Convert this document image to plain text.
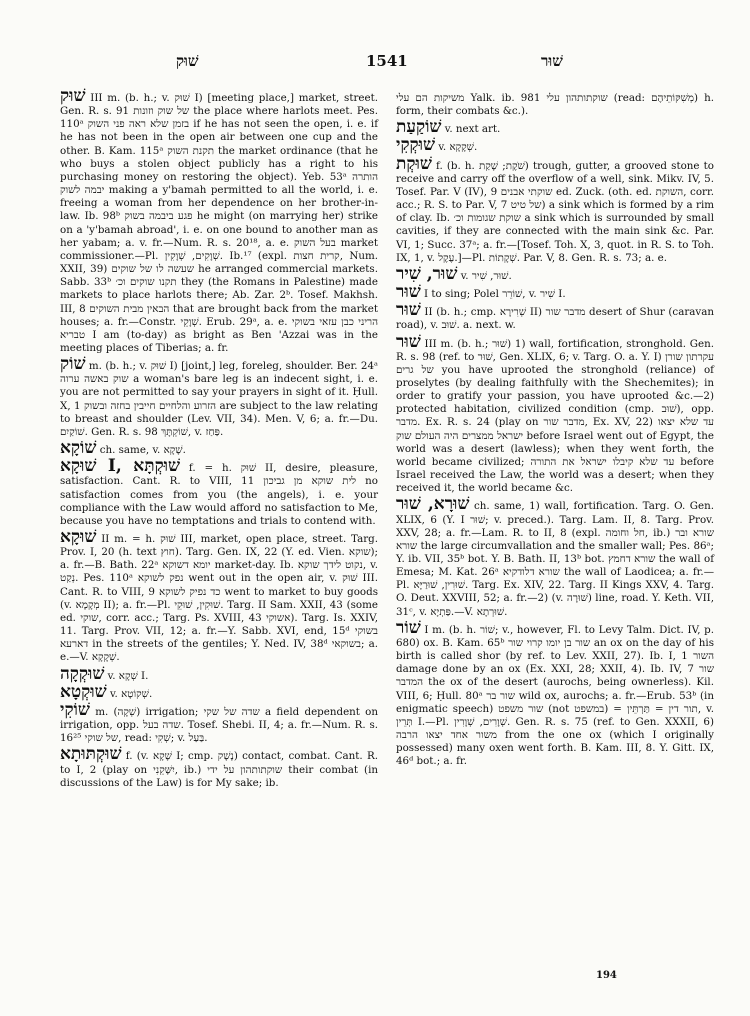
שׁוּק	1541	שׁוּר

שׁוּק III m. (b. h.; v. שׁוּק I) [meeting place,] market, street. Gen. R. s. 91 של שוק וזונות the place where harlots meet. Pes. 110ᵃ בזמן שלא ראה פני השוק if he has not seen the open, i. e. if he has not been in the open air between one cup and the other. B. Kam. 115ᵃ תקנת השוק the market ordinance (that he who buys a stolen object publicly has a right to his purchasing money on restoring the object). Yeb. 53ᵃ הותרה יבמה לשוק making a y'bamah permitted to all the world, i. e. freeing a woman from her dependence on her brother-in-law. Ib. 98ᵇ פגע ביבמה בשוק he might (on marrying her) strike on a 'y'bamah abroad', i. e. on one bound to another man as her yabam; a. v. fr.—Num. R. s. 20¹⁸, a. e. בעל השוק market commissioner.—Pl. שְׁוָקִים, שְׁוָקִין. Ib.¹⁷ (expl. קרית חצות, Num. XXII, 39) שעשה לו של שוקים he arranged commercial markets. Sabb. 33ᵇ תקנו שוקים וכ׳ they (the Romans in Palestine) made markets to place harlots there; Ab. Zar. 2ᵇ. Tosef. Makhsh. III, 8 הבאין מבית השוקים that are brought back from the market houses; a. fr.—Constr. שְׁוָקֵי. Erub. 29ᵃ, a. e. הריני כבן עזאי בשוקי טבריא I am (to-day) as bright as Ben 'Azzai was in the meeting places of Tiberias; a. fr.

שׁוֹק m. (b. h.; v. שׁוּק I) [joint,] leg, foreleg, shoulder. Ber. 24ᵃ שוק באשה ערוה a woman's bare leg is an indecent sight, i. e. you are not permitted to say your prayers in sight of it. Ḥull. X, 1 הזרוע והלחיים חייבין בחזה ובשוק are subject to the law relating to breast and shoulder (Lev. VII, 34). Men. V, 6; a. fr.—Du. שׁוֹקַיִם. Gen. R. s. 98 שׁוֹקְתָּךְ, v. פַּחַז.

שׁוֹקָא ch. same, v. שָׁקָא.

שׁוּקָא I, שׁוּקְתָּא f. = h. שׁוּק II, desire, pleasure, satisfaction. Cant. R. to VIII, 11 לית שוקא מן גביכון no satisfaction comes from you (the angels), i. e. your compliance with the Law would afford no satisfaction to Me, because you have no temptations and trials to contend with.

שׁוּקָא II m. = h. שׁוּק III, market, open place, street. Targ. Prov. I, 20 (h. text חוץ). Targ. Gen. IX, 22 (Y. ed. Vien. שוקא); a. fr.—B. Bath. 22ᵃ יומא דשוקא market-day. Ib. נקוט לידך שוקא, v. נְקַט. Pes. 110ᵃ נפק לשוקא went out in the open air, v. שׁוּק III. Cant. R. to VIII, 9 כד נפיק לשוקא went to market to buy goods (v. מְקָמָא II); a. fr.—Pl. שׁוּקִין, שׁוּקֵי. Targ. II Sam. XXII, 43 (some ed. שוקי, corr. acc.; Targ. Ps. XVIII, 43 אשוקי). Targ. Is. XXIV, 11. Targ. Prov. VII, 12; a. fr.—Y. Sabb. XVI, end, 15ᵈ בשוקי דארעא in the streets of the gentiles; Y. Ned. IV, 38ᵈ בשוקאי; a. e.—V. שְׁקָקָא.

שׁוּקְקָה v. שְׁקָא I.

שׁוּקְטָא v. שְׁקוֹטָא.

שׁוֹקִי m. (שְׁקָה) irrigation; שדה של שקי a field dependent on irrigation, opp. שדה בעל. Tosef. Shebi. II, 4; a. fr.—Num. R. s. 16²⁵ של שוקי, read: שְׁקִי; v. בַּעַל.

שׁוּקְתּוּתָא f. (v. שָׁקָא I; cmp. נָשָׁק) contact, combat. Cant. R. to I, 2 (play on יִשָּׁקֵנִי, ib.) שוקתותהון על ידי their combat (in discussions of the Law) is for My sake; ib.

משיקות הם עלי Yalk. ib. 981 שוקתותהון עלי (read: מְשִׁקּוֹתֵיהֶם) h. form, their combats &c.).

שׁוֹקַעַת v. next art.

שׁוּקְקִי v. שְׁקָקָא.

שׁוּקְת f. (b. h. שֹׁקֶת; שָׁקַת) trough, gutter, a grooved stone to receive and carry off the overflow of a well, sink. Mikv. IV, 5. Tosef. Par. V (IV), 9 שוקתי אבנים ed. Zuck. (oth. ed. השוקת, corr. acc.; R. S. to Par. V, 7 של טיט) a sink which is formed by a rim of clay. Ib. שוקת שגומות וכ׳ a sink which is surrounded by small cavities, if they are connected with the main sink &c. Par. VI, 1; Succ. 37ᵃ; a. fr.—[Tosef. Toh. X, 3, quot. in R. S. to Toh. IX, 1, v. עֶקֶל.]—Pl. שְׁקָתוֹת. Par. V, 8. Gen. R. s. 73; a. e.

שׁוּר, שִׁיר v. שׁוּר, שִׁיר.

שׁוּר I to sing; Polel שׁוֹרֵר, v. שִׁיר I.

שׁוּר II (b. h.; cmp. שְׁרִירָא II) מדבר שור desert of Shur (caravan road), v. שׁוּב. a. next. w.

שׁוּר III m. (b. h.; שׁוּר) 1) wall, fortification, stronghold. Gen. R. s. 98 (ref. to שׁוּר, Gen. XLIX, 6; v. Targ. O. a. Y. I) עקרתון שורן של גרים you have uprooted the stronghold (reliance) of proselytes (by dealing faithfully with the Shechemites); in order to gratify your passion, you have uprooted &c.—2) protected habitation, civilized condition (cmp. שׁוּב), opp. מדבר. Ex. R. s. 24 (play on מדבר שור, Ex. XV, 22) עד שלא יצאו ישראל ממצרים היה העולם שוק before Israel went out of Egypt, the world was a desert (lawless); when they went forth, the world became civilized; עד שלא קיבלו ישראל את התורה before Israel received the Law, the world was a desert; when they received it, the world became &c.

שׁוּרָא, שׁוּר ch. same, 1) wall, fortification. Targ. O. Gen. XLIX, 6 (Y. I שׁוּר; v. preced.). Targ. Lam. II, 8. Targ. Prov. XXV, 28; a. fr.—Lam. R. to II, 8 (expl. חל וחומה, ib.) שורא ובר שורא the large circumvallation and the smaller wall; Pes. 86ᵃ; Y. ib. VII, 35ᵇ bot. Y. B. Bath. II, 13ᵇ bot. שורא דחמץ the wall of Emesa; M. Kat. 26ᵃ שורא דלודקיא the wall of Laodicea; a. fr.—Pl. שׁוּרִין, שׁוּרַיָּא. Targ. Ex. XIV, 22. Targ. II Kings XXV, 4. Targ. O. Deut. XXVIII, 52; a. fr.—2) (v. שׁוּרָה) line, road. Y. Keth. VII, 31ᶜ, v. פַּתְיָא.—V. שׁוּרְתָא.

שׁוֹר I m. (b. h. שׁוֹר; v., however, Fl. to Levy Talm. Dict. IV, p. 680) ox. B. Kam. 65ᵇ שור בן יומו קרוי שור an ox on the day of his birth is called shor (by ref. to Lev. XXII, 27). Ib. I, 1 השור damage done by an ox (Ex. XXI, 28; XXII, 4). Ib. IV, 7 שור המדבר the ox of the desert (aurochs, being ownerless). Kil. VIII, 6; Ḥull. 80ᵃ שור בר wild ox, aurochs; a. fr.—Erub. 53ᵇ (in enigmatic speech) שור משפט (not במשפט) = תור דין = תַּרְתֵּין, v. תְּרֵין I.—Pl. שְׁוָרִים, שְׁוָרִין. Gen. R. s. 75 (ref. to Gen. XXXII, 6) משור אחד יצאו הרבה from the one ox (which I originally possessed) many oxen went forth. B. Kam. III, 8. Y. Gitt. IX, 46ᵈ bot.; a. fr.

194
